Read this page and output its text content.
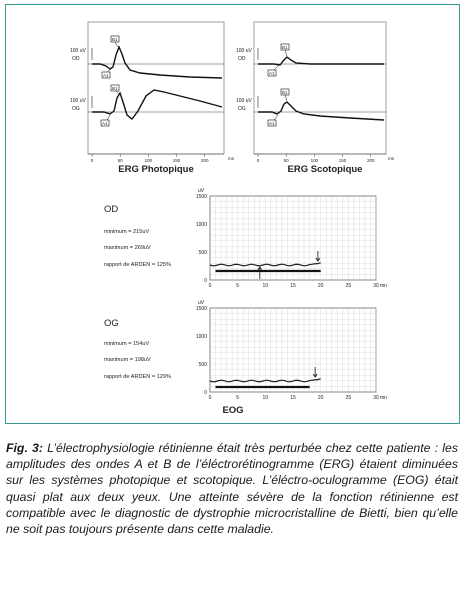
100 uV
OD
100 uV
OG
B1
A1
B1
A1
0	50	100	150	200	ms
ERG Photopique
100 uV
OD
100 uV
OG
B1
A1
B1
A1
0	50	100	150	200	ms
ERG Scotopique
OD
minimum = 215uV
maximum = 269uV
rapport de ARDEN = 125%
uV
1500
1000
500
0
0	5	10	15	20	25	30 mn
OG
minimum = 154uV
maximum = 198uV
rapport de ARDEN = 129%
uV
1500
1000
500
0
0	5	10	15	20	25	30 mn
EOG
Fig. 3: L’électrophysiologie rétinienne était très perturbée chez cette patiente : les amplitudes des ondes A et B de l’éléctrorétinogramme (ERG) étaient diminuées sur les systèmes photopique et scotopique. L’éléctro-oculogramme (EOG) était quasi plat aux deux yeux. Une atteinte sévère de la fonction rétinienne est compatible avec le diagnostic de dystrophie microcristalline de Bietti, bien qu’elle ne soit pas toujours présente dans cette maladie.
